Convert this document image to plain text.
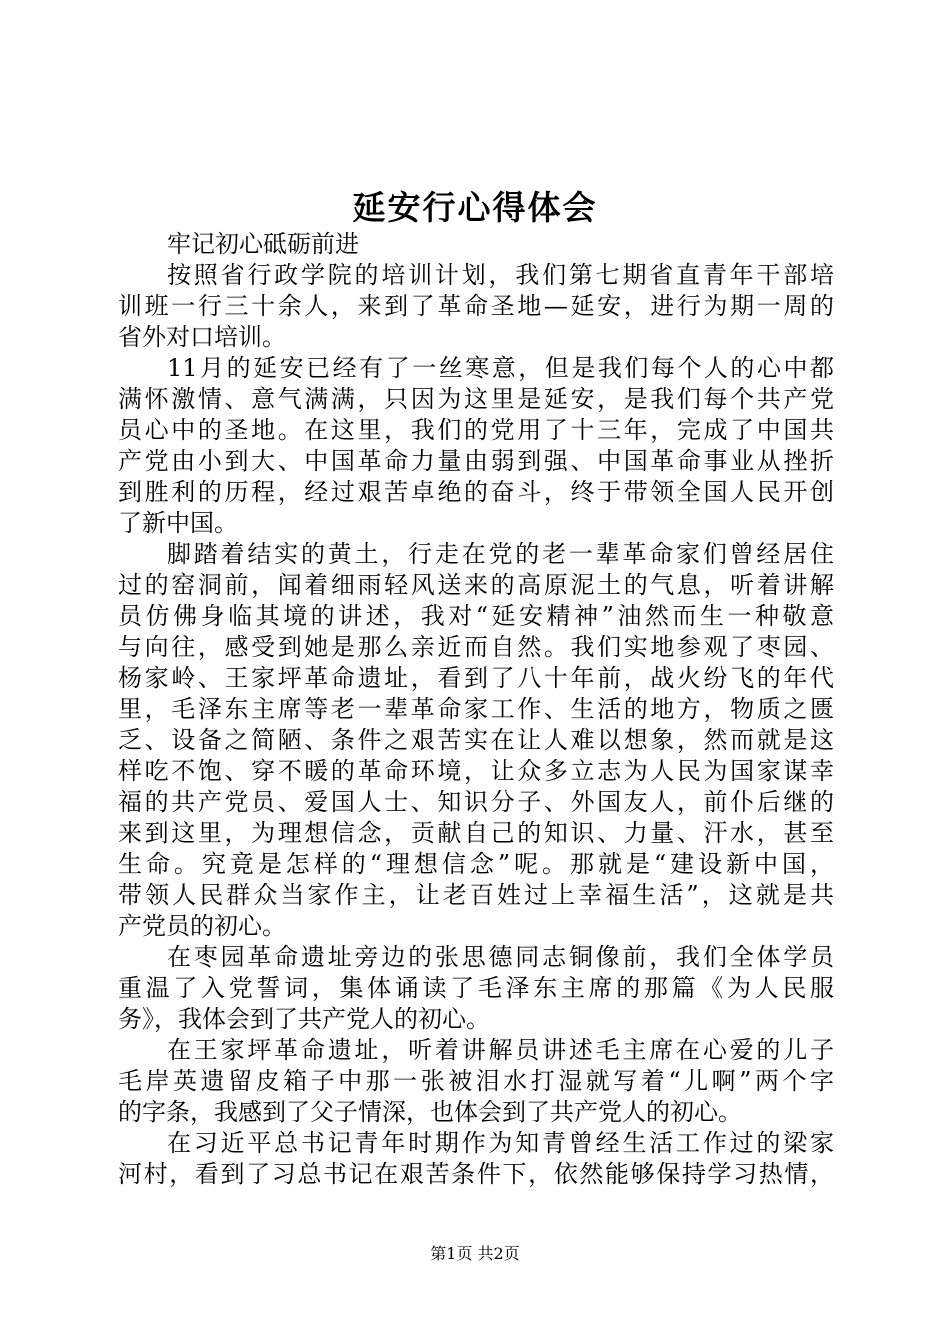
延安行心得体会
牢记初心砥砺前进
按照省行政学院的培训计划，我们第七期省直青年干部培
训班一行三十余人，来到了革命圣地—延安，进行为期一周的
省外对口培训。
11月的延安已经有了一丝寒意，但是我们每个人的心中都
满怀激情、意气满满，只因为这里是延安，是我们每个共产党
员心中的圣地。在这里，我们的党用了十三年，完成了中国共
产党由小到大、中国革命力量由弱到强、中国革命事业从挫折
到胜利的历程，经过艰苦卓绝的奋斗，终于带领全国人民开创
了新中国。
脚踏着结实的黄土，行走在党的老一辈革命家们曾经居住
过的窑洞前，闻着细雨轻风送来的高原泥土的气息，听着讲解
员仿佛身临其境的讲述，我对“延安精神”油然而生一种敬意
与向往，感受到她是那么亲近而自然。我们实地参观了枣园、
杨家岭、王家坪革命遗址，看到了八十年前，战火纷飞的年代
里，毛泽东主席等老一辈革命家工作、生活的地方，物质之匮
乏、设备之简陋、条件之艰苦实在让人难以想象，然而就是这
样吃不饱、穿不暖的革命环境，让众多立志为人民为国家谋幸
福的共产党员、爱国人士、知识分子、外国友人，前仆后继的
来到这里，为理想信念，贡献自己的知识、力量、汗水，甚至
生命。究竟是怎样的“理想信念”呢。那就是“建设新中国，
带领人民群众当家作主，让老百姓过上幸福生活”，这就是共
产党员的初心。
在枣园革命遗址旁边的张思德同志铜像前，我们全体学员
重温了入党誓词，集体诵读了毛泽东主席的那篇《为人民服
务》，我体会到了共产党人的初心。
在王家坪革命遗址，听着讲解员讲述毛主席在心爱的儿子
毛岸英遗留皮箱子中那一张被泪水打湿就写着“儿啊”两个字
的字条，我感到了父子情深，也体会到了共产党人的初心。
在习近平总书记青年时期作为知青曾经生活工作过的梁家
河村，看到了习总书记在艰苦条件下，依然能够保持学习热情，
第1页 共2页
